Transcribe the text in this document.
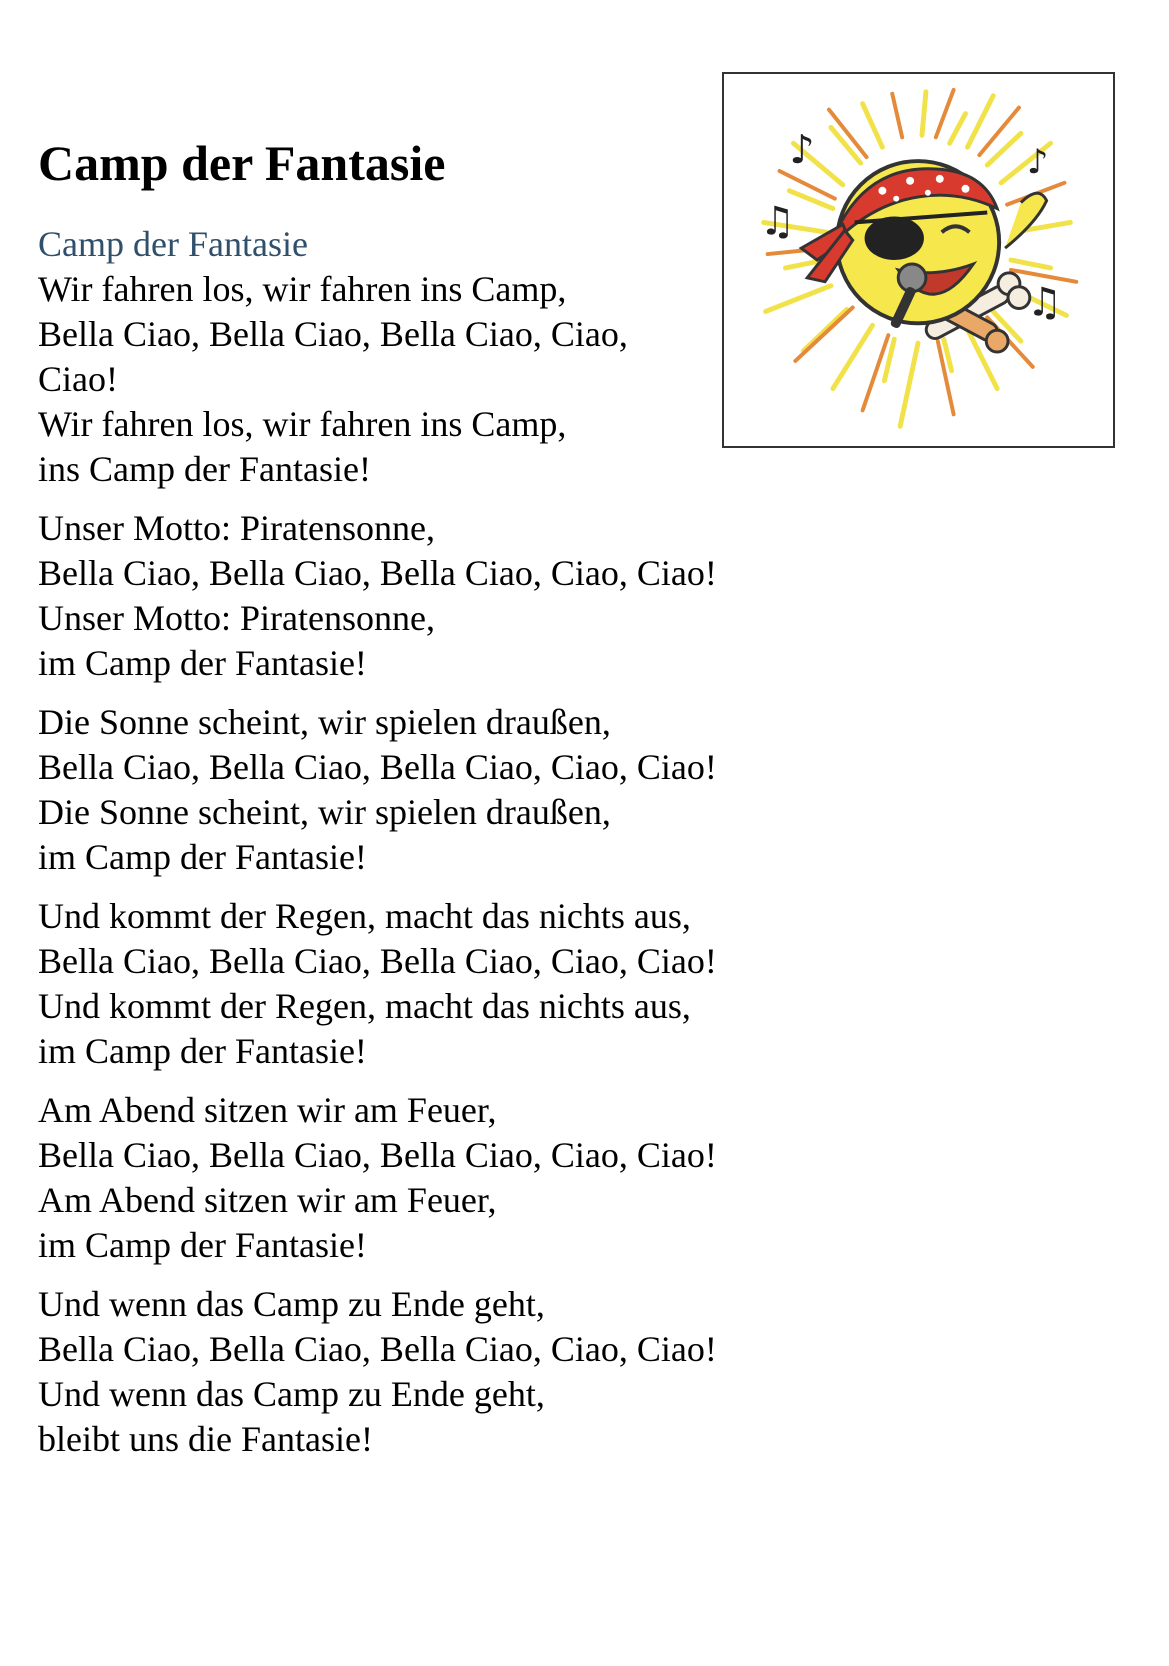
Camp der Fantasie	♪
♫
♪
♫
Camp der Fantasie
Wir fahren los, wir fahren ins Camp,
Bella Ciao, Bella Ciao, Bella Ciao, Ciao, Ciao!
Wir fahren los, wir fahren ins Camp,
ins Camp der Fantasie!
Unser Motto: Piratensonne,
Bella Ciao, Bella Ciao, Bella Ciao, Ciao, Ciao!
Unser Motto: Piratensonne,
im Camp der Fantasie!
Die Sonne scheint, wir spielen draußen,
Bella Ciao, Bella Ciao, Bella Ciao, Ciao, Ciao!
Die Sonne scheint, wir spielen draußen,
im Camp der Fantasie!
Und kommt der Regen, macht das nichts aus,
Bella Ciao, Bella Ciao, Bella Ciao, Ciao, Ciao!
Und kommt der Regen, macht das nichts aus,
im Camp der Fantasie!
Am Abend sitzen wir am Feuer,
Bella Ciao, Bella Ciao, Bella Ciao, Ciao, Ciao!
Am Abend sitzen wir am Feuer,
im Camp der Fantasie!
Und wenn das Camp zu Ende geht,
Bella Ciao, Bella Ciao, Bella Ciao, Ciao, Ciao!
Und wenn das Camp zu Ende geht,
bleibt uns die Fantasie!
